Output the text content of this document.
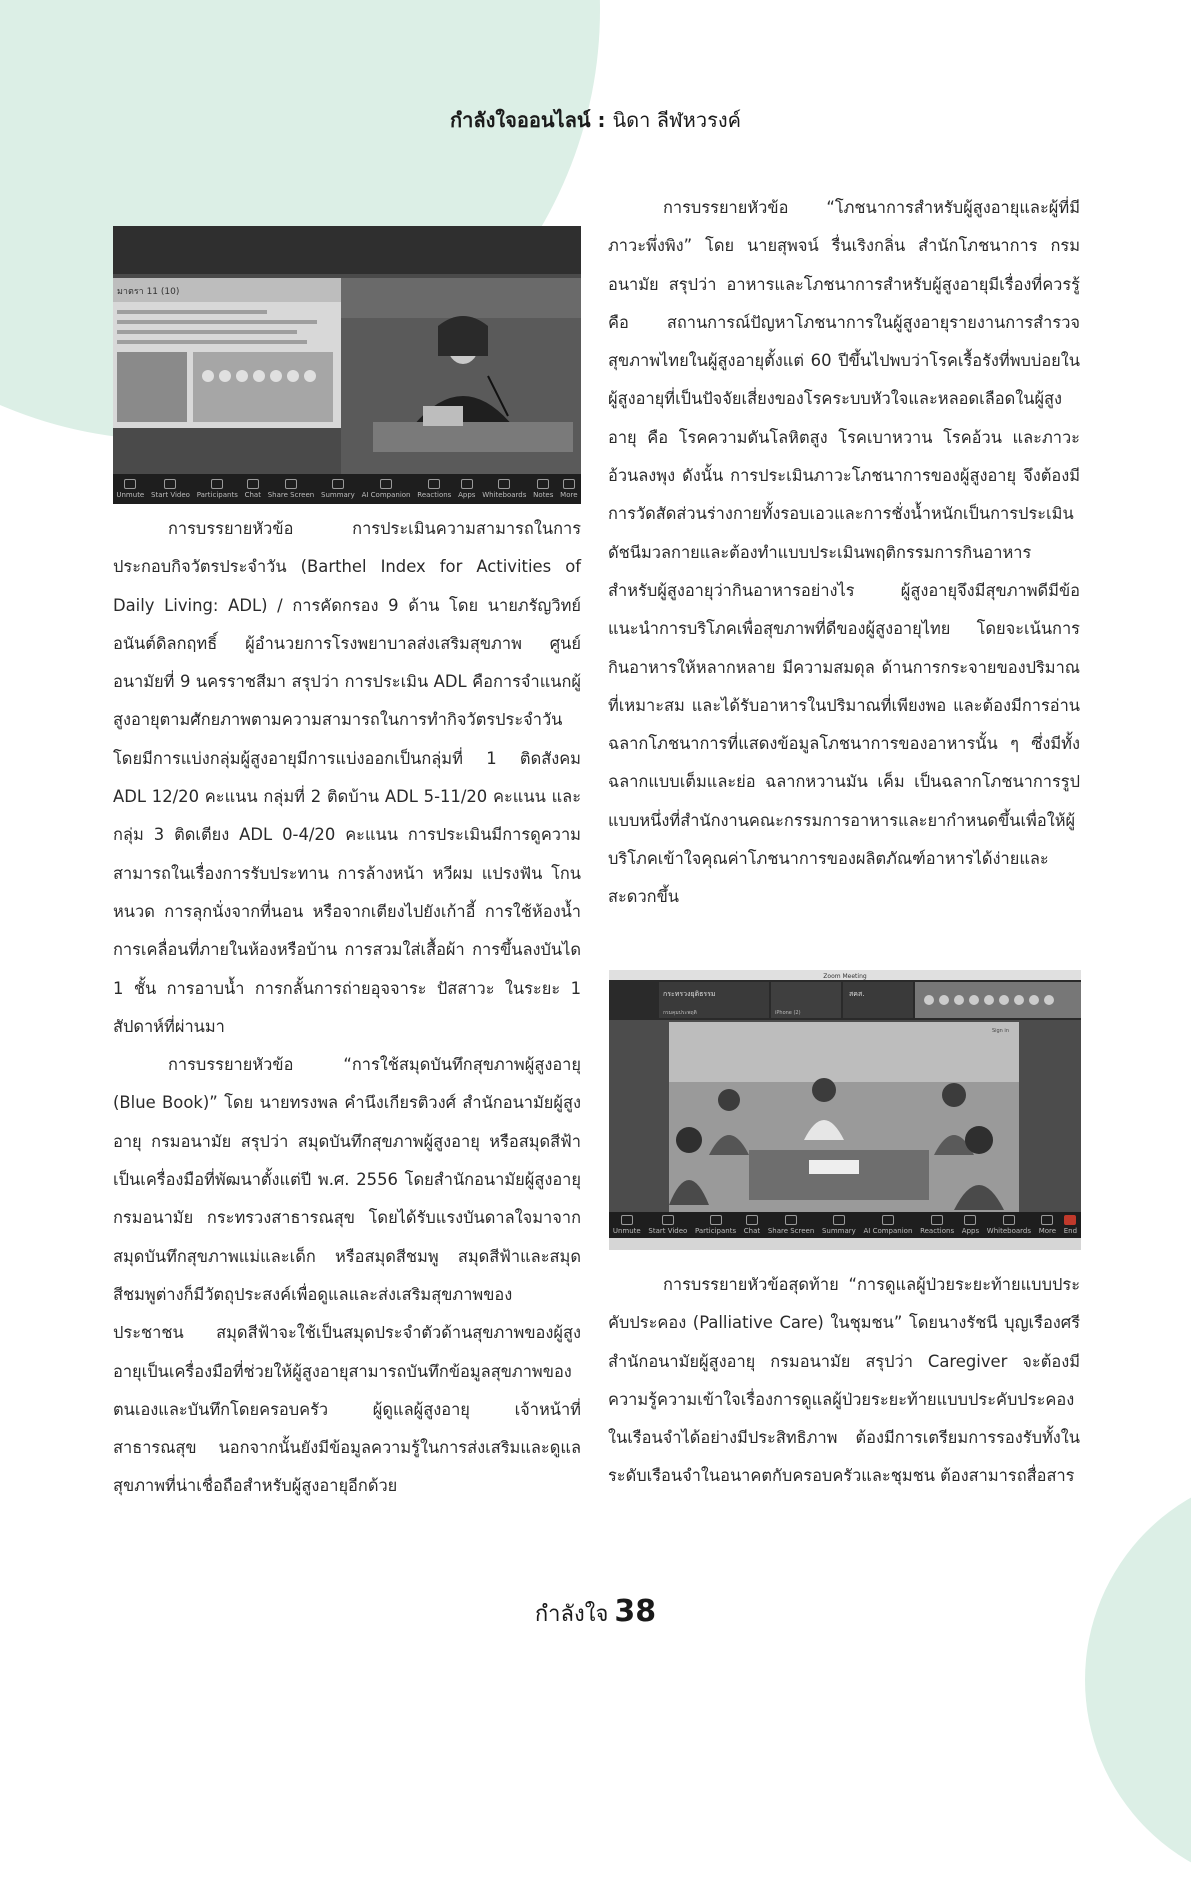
กำลังใจออนไลน์ : นิดา ลีฬหวรงค์
มาตรา 11 (10)
Unmute Start Video Participants Chat Share Screen Summary AI Companion Reactions Apps Whiteboards Notes More

การบรรยายหัวข้อ การประเมินความสามารถในการประกอบกิจวัตรประจำวัน (Barthel Index for Activities of Daily Living: ADL) / การคัดกรอง 9 ด้าน โดย นายภรัญวิทย์ อนันต์ดิลกฤทธิ์ ผู้อำนวยการโรงพยาบาลส่งเสริมสุขภาพ ศูนย์อนามัยที่ 9 นครราชสีมา สรุปว่า การประเมิน ADL คือการจำแนกผู้สูงอายุตามศักยภาพตามความสามารถในการทำกิจวัตรประจำวัน โดยมีการแบ่งกลุ่มผู้สูงอายุมีการแบ่งออกเป็นกลุ่มที่ 1 ติดสังคม ADL 12/20 คะแนน กลุ่มที่ 2 ติดบ้าน ADL 5-11/20 คะแนน และกลุ่ม 3 ติดเตียง ADL 0-4/20 คะแนน การประเมินมีการดูความสามารถในเรื่องการรับประทาน การล้างหน้า หวีผม แปรงฟัน โกนหนวด การลุกนั่งจากที่นอน หรือจากเตียงไปยังเก้าอี้ การใช้ห้องน้ำ การเคลื่อนที่ภายในห้องหรือบ้าน การสวมใส่เสื้อผ้า การขึ้นลงบันได 1 ชั้น การอาบน้ำ การกลั้นการถ่ายอุจจาระ ปัสสาวะ ในระยะ 1 สัปดาห์ที่ผ่านมา

การบรรยายหัวข้อ “การใช้สมุดบันทึกสุขภาพผู้สูงอายุ (Blue Book)” โดย นายทรงพล คำนึงเกียรติวงศ์ สำนักอนามัยผู้สูงอายุ กรมอนามัย สรุปว่า สมุดบันทึกสุขภาพผู้สูงอายุ หรือสมุดสีฟ้า เป็นเครื่องมือที่พัฒนาตั้งแต่ปี พ.ศ. 2556 โดยสำนักอนามัยผู้สูงอายุ กรมอนามัย กระทรวงสาธารณสุข โดยได้รับแรงบันดาลใจมาจากสมุดบันทึกสุขภาพแม่และเด็ก หรือสมุดสีชมพู สมุดสีฟ้าและสมุดสีชมพูต่างก็มีวัตถุประสงค์เพื่อดูแลและส่งเสริมสุขภาพของประชาชน สมุดสีฟ้าจะใช้เป็นสมุดประจำตัวด้านสุขภาพของผู้สูงอายุเป็นเครื่องมือที่ช่วยให้ผู้สูงอายุสามารถบันทึกข้อมูลสุขภาพของตนเองและบันทึกโดยครอบครัว ผู้ดูแลผู้สูงอายุ เจ้าหน้าที่สาธารณสุข นอกจากนั้นยังมีข้อมูลความรู้ในการส่งเสริมและดูแลสุขภาพที่น่าเชื่อถือสำหรับผู้สูงอายุอีกด้วย

การบรรยายหัวข้อ “โภชนาการสำหรับผู้สูงอายุและผู้ที่มีภาวะพึ่งพิง” โดย นายสุพจน์ รื่นเริงกลิ่น สำนักโภชนาการ กรมอนามัย สรุปว่า อาหารและโภชนาการสำหรับผู้สูงอายุมีเรื่องที่ควรรู้ คือ สถานการณ์ปัญหาโภชนาการในผู้สูงอายุรายงานการสำรวจสุขภาพไทยในผู้สูงอายุตั้งแต่ 60 ปีขึ้นไปพบว่าโรคเรื้อรังที่พบบ่อยในผู้สูงอายุที่เป็นปัจจัยเสี่ยงของโรคระบบหัวใจและหลอดเลือดในผู้สูงอายุ คือ โรคความดันโลหิตสูง โรคเบาหวาน โรคอ้วน และภาวะอ้วนลงพุง ดังนั้น การประเมินภาวะโภชนาการของผู้สูงอายุ จึงต้องมีการวัดสัดส่วนร่างกายทั้งรอบเอวและการชั่งน้ำหนักเป็นการประเมินดัชนีมวลกายและต้องทำแบบประเมินพฤติกรรมการกินอาหารสำหรับผู้สูงอายุว่ากินอาหารอย่างไร ผู้สูงอายุจึงมีสุขภาพดีมีข้อแนะนำการบริโภคเพื่อสุขภาพที่ดีของผู้สูงอายุไทย โดยจะเน้นการกินอาหารให้หลากหลาย มีความสมดุล ด้านการกระจายของปริมาณที่เหมาะสม และได้รับอาหารในปริมาณที่เพียงพอ และต้องมีการอ่านฉลากโภชนาการที่แสดงข้อมูลโภชนาการของอาหารนั้น ๆ ซึ่งมีทั้งฉลากแบบเต็มและย่อ ฉลากหวานมัน เค็ม เป็นฉลากโภชนาการรูปแบบหนึ่งที่สำนักงานคณะกรรมการอาหารและยากำหนดขึ้นเพื่อให้ผู้บริโภคเข้าใจคุณค่าโภชนาการของผลิตภัณฑ์อาหารได้ง่ายและสะดวกขึ้น

Zoom Meeting
กระทรวงยุติธรรม
กรมคุมประพฤติ	iPhone (2)
สคส.
Sign in
Unmute Start Video Participants Chat Share Screen Summary AI Companion Reactions Apps Whiteboards More End

การบรรยายหัวข้อสุดท้าย “การดูแลผู้ป่วยระยะท้ายแบบประคับประคอง (Palliative Care) ในชุมชน” โดยนางรัชนี บุญเรืองศรี สำนักอนามัยผู้สูงอายุ กรมอนามัย สรุปว่า Caregiver จะต้องมีความรู้ความเข้าใจเรื่องการดูแลผู้ป่วยระยะท้ายแบบประคับประคองในเรือนจำได้อย่างมีประสิทธิภาพ ต้องมีการเตรียมการรองรับทั้งในระดับเรือนจำในอนาคตกับครอบครัวและชุมชน ต้องสามารถสื่อสาร

กำลังใจ 38
